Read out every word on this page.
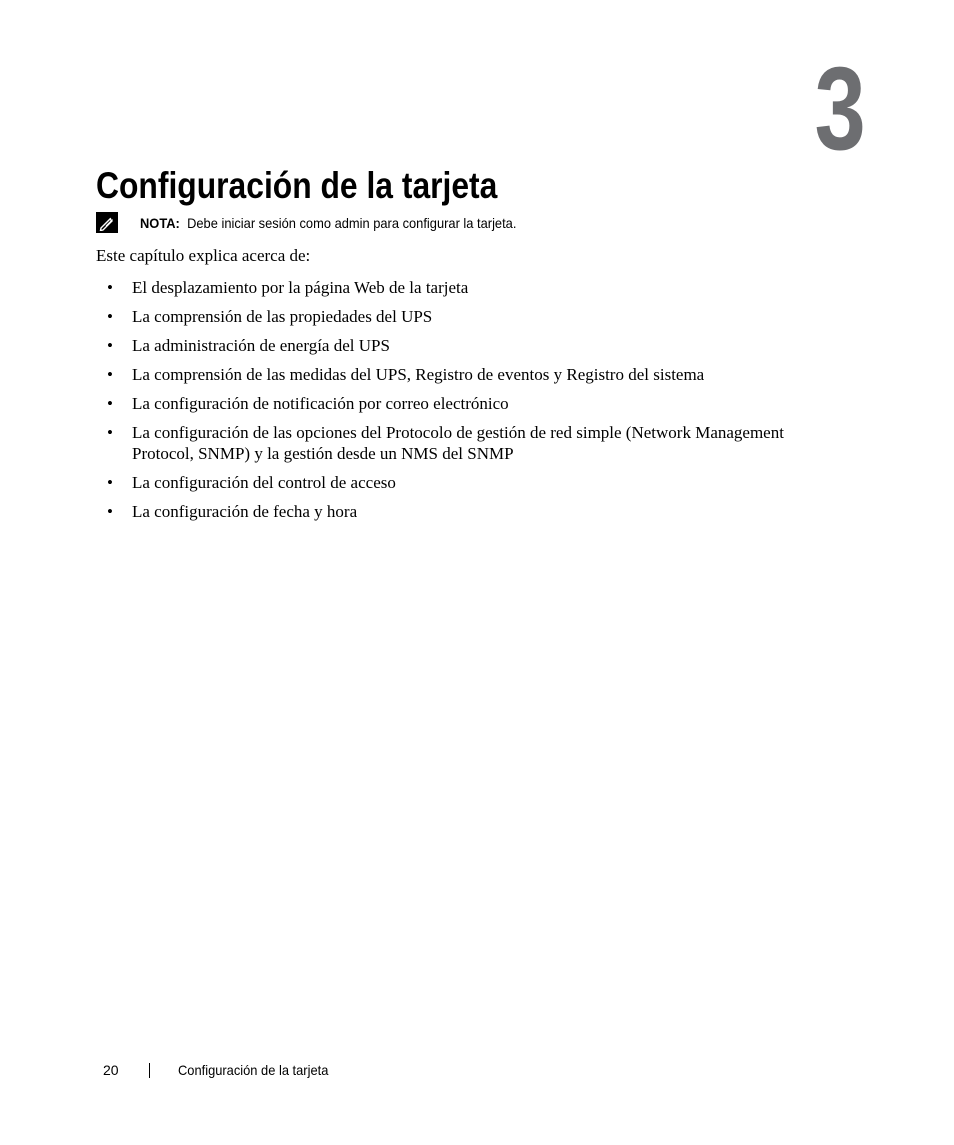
3
Configuración de la tarjeta
NOTA: Debe iniciar sesión como admin para configurar la tarjeta.

Este capítulo explica acerca de:

• El desplazamiento por la página Web de la tarjeta
• La comprensión de las propiedades del UPS
• La administración de energía del UPS
• La comprensión de las medidas del UPS, Registro de eventos y Registro del sistema
• La configuración de notificación por correo electrónico
• La configuración de las opciones del Protocolo de gestión de red simple (Network Management Protocol, SNMP) y la gestión desde un NMS del SNMP
• La configuración del control de acceso
• La configuración de fecha y hora
20	Configuración de la tarjeta
